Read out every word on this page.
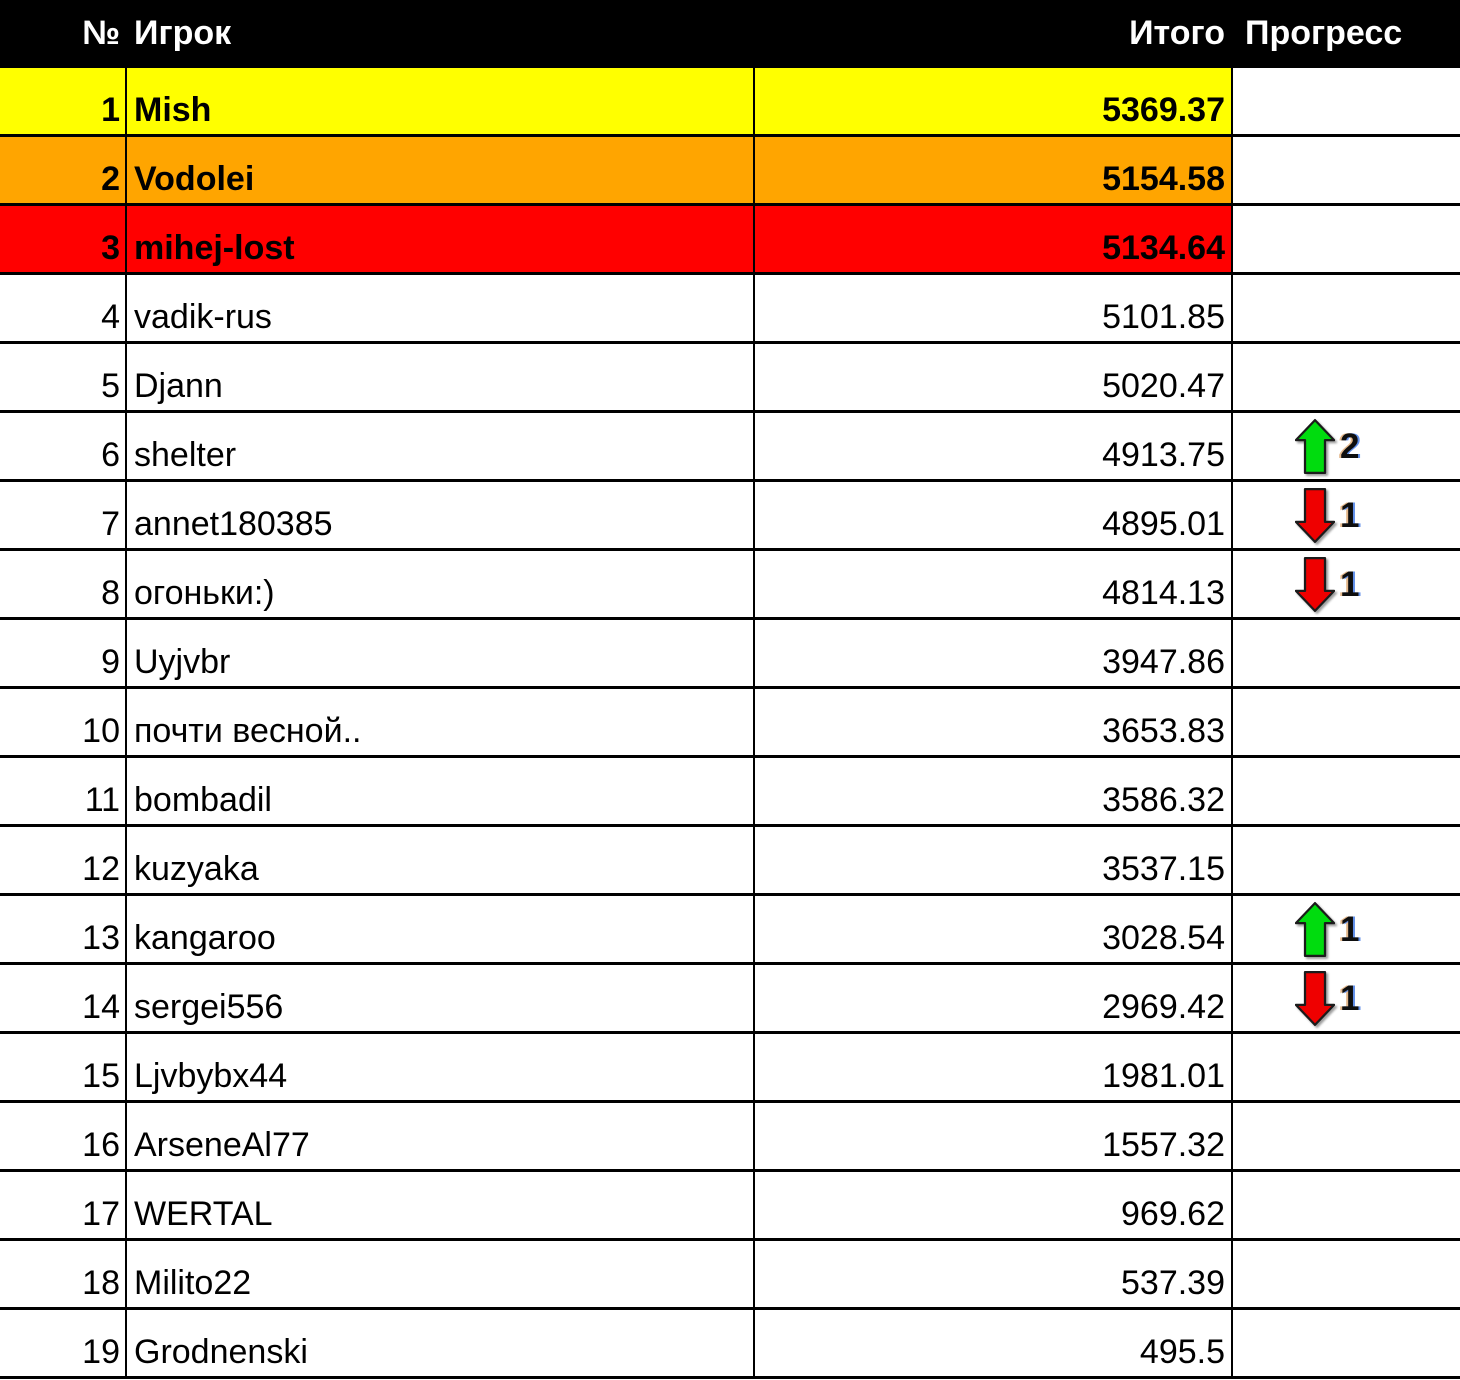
№ Игрок	Итого Прогресс
1 Mish	5369.37
2 Vodolei	5154.58
3 mihej-lost	5134.64
4 vadik-rus	5101.85
5 Djann	5020.47
6 shelter	4913.75	2
7 annet180385	4895.01	1
8 огоньки:)	4814.13	1
9 Uyjvbr	3947.86
10 почти весной..	3653.83
11 bombadil	3586.32
12 kuzyaka	3537.15
13 kangaroo	3028.54	1
14 sergei556	2969.42	1
15 Ljvbybx44	1981.01
16 ArseneAl77	1557.32
17 WERTAL	969.62
18 Milito22	537.39
19 Grodnenski	495.5
